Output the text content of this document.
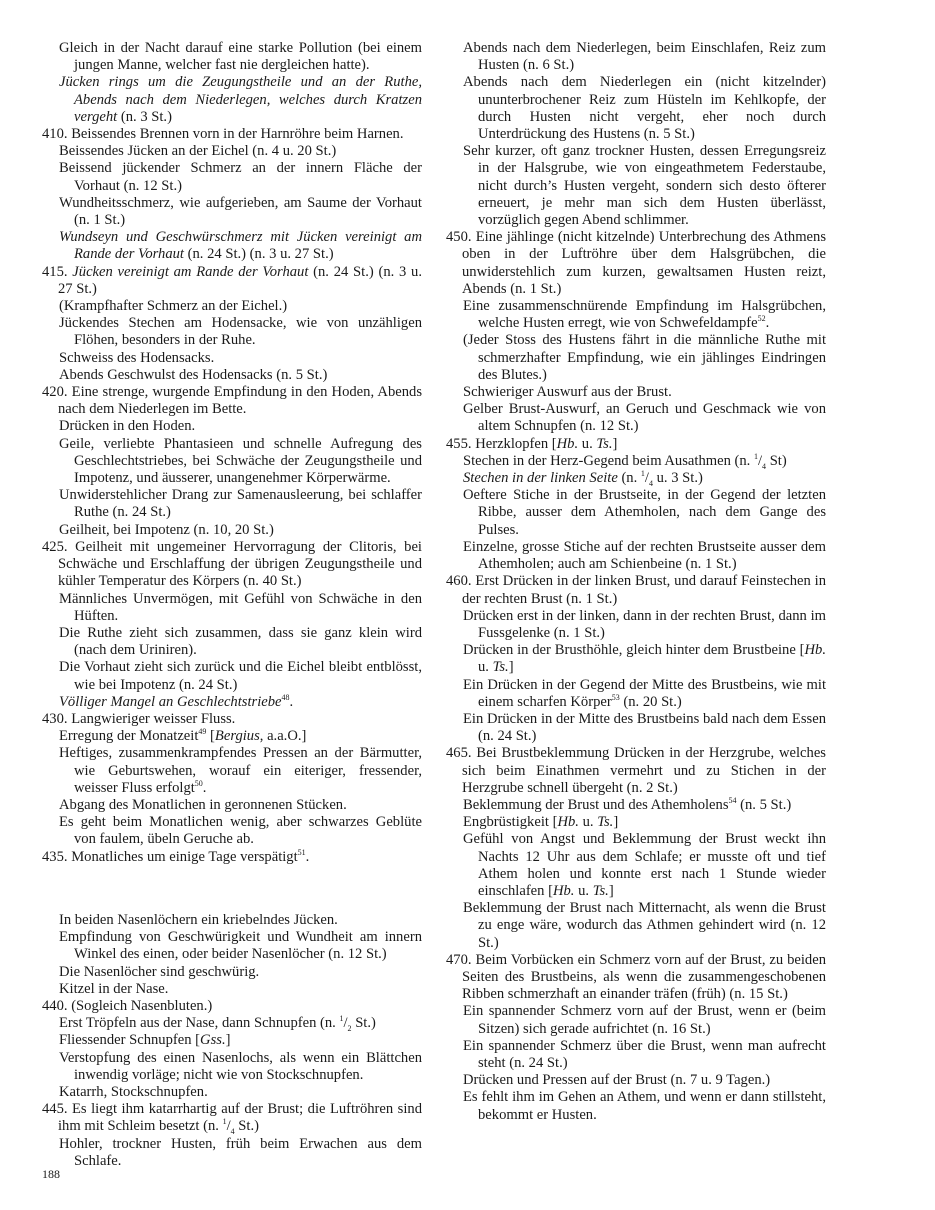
Gleich in der Nacht darauf eine starke Pollution (bei einem jungen Manne, welcher fast nie dergleichen hatte).

Jücken rings um die Zeugungstheile und an der Ruthe, Abends nach dem Niederlegen, welches durch Kratzen vergeht (n. 3 St.)

410. Beissendes Brennen vorn in der Harnröhre beim Harnen.

Beissendes Jücken an der Eichel (n. 4 u. 20 St.)

Beissend jückender Schmerz an der innern Fläche der Vorhaut (n. 12 St.)

Wundheitsschmerz, wie aufgerieben, am Saume der Vorhaut (n. 1 St.)

Wundseyn und Geschwürschmerz mit Jücken vereinigt am Rande der Vorhaut (n. 24 St.) (n. 3 u. 27 St.)

415. Jücken vereinigt am Rande der Vorhaut (n. 24 St.) (n. 3 u. 27 St.)

(Krampfhafter Schmerz an der Eichel.)

Jückendes Stechen am Hodensacke, wie von unzähligen Flöhen, besonders in der Ruhe.

Schweiss des Hodensacks.

Abends Geschwulst des Hodensacks (n. 5 St.)

420. Eine strenge, wurgende Empfindung in den Hoden, Abends nach dem Niederlegen im Bette.

Drücken in den Hoden.

Geile, verliebte Phantasieen und schnelle Aufregung des Geschlechtstriebes, bei Schwäche der Zeugungstheile und Impotenz, und äusserer, unangenehmer Körperwärme.

Unwiderstehlicher Drang zur Samenausleerung, bei schlaffer Ruthe (n. 24 St.)

Geilheit, bei Impotenz (n. 10, 20 St.)

425. Geilheit mit ungemeiner Hervorragung der Clitoris, bei Schwäche und Erschlaffung der übrigen Zeugungstheile und kühler Temperatur des Körpers (n. 40 St.)

Männliches Unvermögen, mit Gefühl von Schwäche in den Hüften.

Die Ruthe zieht sich zusammen, dass sie ganz klein wird (nach dem Uriniren).

Die Vorhaut zieht sich zurück und die Eichel bleibt entblösst, wie bei Impotenz (n. 24 St.)

Völliger Mangel an Geschlechtstriebe$^{48}$.

430. Langwieriger weisser Fluss.

Erregung der Monatzeit$^{49}$ [Bergius, a.a.O.]

Heftiges, zusammenkrampfendes Pressen an der Bärmutter, wie Geburtswehen, worauf ein eiteriger, fressender, weisser Fluss erfolgt$^{50}$.

Abgang des Monatlichen in geronnenen Stücken.

Es geht beim Monatlichen wenig, aber schwarzes Geblüte von faulem, übeln Geruche ab.

435. Monatliches um einige Tage verspätigt$^{51}$.

In beiden Nasenlöchern ein kriebelndes Jücken.

Empfindung von Geschwürigkeit und Wundheit am innern Winkel des einen, oder beider Nasenlöcher (n. 12 St.)

Die Nasenlöcher sind geschwürig.

Kitzel in der Nase.

440. (Sogleich Nasenbluten.)

Erst Tröpfeln aus der Nase, dann Schnupfen (n. $^1/_2$ St.)

Fliessender Schnupfen [Gss.]

Verstopfung des einen Nasenlochs, als wenn ein Blättchen inwendig vorläge; nicht wie von Stockschnupfen.

Katarrh, Stockschnupfen.

445. Es liegt ihm katarrhartig auf der Brust; die Luftröhren sind ihm mit Schleim besetzt (n. $^1/_4$ St.)

Hohler, trockner Husten, früh beim Erwachen aus dem Schlafe.

Abends nach dem Niederlegen, beim Einschlafen, Reiz zum Husten (n. 6 St.)

Abends nach dem Niederlegen ein (nicht kitzelnder) ununterbrochener Reiz zum Hüsteln im Kehlkopfe, der durch Husten nicht vergeht, eher noch durch Unterdrückung des Hustens (n. 5 St.)

Sehr kurzer, oft ganz trockner Husten, dessen Erregungsreiz in der Halsgrube, wie von eingeathmetem Federstaube, nicht durch’s Husten vergeht, sondern sich desto öfterer erneuert, je mehr man sich dem Husten überlässt, vorzüglich gegen Abend schlimmer.

450. Eine jählinge (nicht kitzelnde) Unterbrechung des Athmens oben in der Luftröhre über dem Halsgrübchen, die unwiderstehlich zum kurzen, gewaltsamen Husten reizt, Abends (n. 1 St.)

Eine zusammenschnürende Empfindung im Halsgrübchen, welche Husten erregt, wie von Schwefeldampfe$^{52}$.

(Jeder Stoss des Hustens fährt in die männliche Ruthe mit schmerzhafter Empfindung, wie ein jählinges Eindringen des Blutes.)

Schwieriger Auswurf aus der Brust.

Gelber Brust-Auswurf, an Geruch und Geschmack wie von altem Schnupfen (n. 12 St.)

455. Herzklopfen [Hb. u. Ts.]

Stechen in der Herz-Gegend beim Ausathmen (n. $^1/_4$ St)

Stechen in der linken Seite (n. $^1/_4$ u. 3 St.)

Oeftere Stiche in der Brustseite, in der Gegend der letzten Ribbe, ausser dem Athemholen, nach dem Gange des Pulses.

Einzelne, grosse Stiche auf der rechten Brustseite ausser dem Athemholen; auch am Schienbeine (n. 1 St.)

460. Erst Drücken in der linken Brust, und darauf Feinstechen in der rechten Brust (n. 1 St.)

Drücken erst in der linken, dann in der rechten Brust, dann im Fussgelenke (n. 1 St.)

Drücken in der Brusthöhle, gleich hinter dem Brustbeine [Hb. u. Ts.]

Ein Drücken in der Gegend der Mitte des Brustbeins, wie mit einem scharfen Körper$^{53}$ (n. 20 St.)

Ein Drücken in der Mitte des Brustbeins bald nach dem Essen (n. 24 St.)

465. Bei Brustbeklemmung Drücken in der Herzgrube, welches sich beim Einathmen vermehrt und zu Stichen in der Herzgrube schnell übergeht (n. 2 St.)

Beklemmung der Brust und des Athemholens$^{54}$ (n. 5 St.)

Engbrüstigkeit [Hb. u. Ts.]

Gefühl von Angst und Beklemmung der Brust weckt ihn Nachts 12 Uhr aus dem Schlafe; er musste oft und tief Athem holen und konnte erst nach 1 Stunde wieder einschlafen [Hb. u. Ts.]

Beklemmung der Brust nach Mitternacht, als wenn die Brust zu enge wäre, wodurch das Athmen gehindert wird (n. 12 St.)

470. Beim Vorbücken ein Schmerz vorn auf der Brust, zu beiden Seiten des Brustbeins, als wenn die zusammengeschobenen Ribben schmerzhaft an einander träfen (früh) (n. 15 St.)

Ein spannender Schmerz vorn auf der Brust, wenn er (beim Sitzen) sich gerade aufrichtet (n. 16 St.)

Ein spannender Schmerz über die Brust, wenn man aufrecht steht (n. 24 St.)

Drücken und Pressen auf der Brust (n. 7 u. 9 Tagen.)

Es fehlt ihm im Gehen an Athem, und wenn er dann stillsteht, bekommt er Husten.

188
